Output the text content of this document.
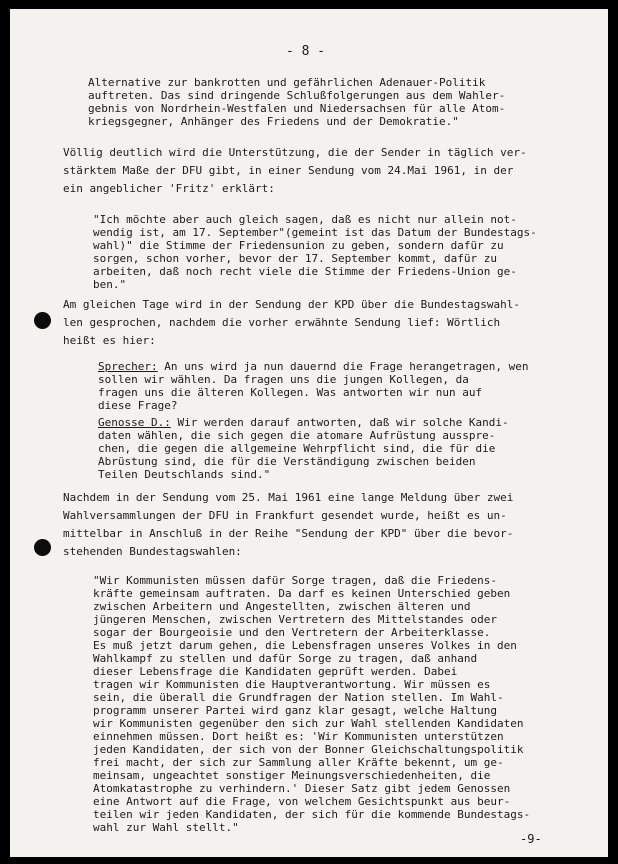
- 8 -
Alternative zur bankrotten und gefährlichen Adenauer-Politik
auftreten. Das sind dringende Schlußfolgerungen aus dem Wahler-
gebnis von Nordrhein-Westfalen und Niedersachsen für alle Atom-
kriegsgegner, Anhänger des Friedens und der Demokratie."
Völlig deutlich wird die Unterstützung, die der Sender in täglich ver-
stärktem Maße der DFU gibt, in einer Sendung vom 24.Mai 1961, in der
ein angeblicher 'Fritz' erklärt:
"Ich möchte aber auch gleich sagen, daß es nicht nur allein not-
wendig ist, am 17. September"(gemeint ist das Datum der Bundestags-
wahl)" die Stimme der Friedensunion zu geben, sondern dafür zu
sorgen, schon vorher, bevor der 17. September kommt, dafür zu
arbeiten, daß noch recht viele die Stimme der Friedens-Union ge-
ben."
Am gleichen Tage wird in der Sendung der KPD über die Bundestagswahl-
len gesprochen, nachdem die vorher erwähnte Sendung lief: Wörtlich
heißt es hier:
Sprecher: An uns wird ja nun dauernd die Frage herangetragen, wen
sollen wir wählen. Da fragen uns die jungen Kollegen, da
fragen uns die älteren Kollegen. Was antworten wir nun auf
diese Frage?
Genosse D.: Wir werden darauf antworten, daß wir solche Kandi-
daten wählen, die sich gegen die atomare Aufrüstung ausspre-
chen, die gegen die allgemeine Wehrpflicht sind, die für die
Abrüstung sind, die für die Verständigung zwischen beiden
Teilen Deutschlands sind."
Nachdem in der Sendung vom 25. Mai 1961 eine lange Meldung über zwei
Wahlversammlungen der DFU in Frankfurt gesendet wurde, heißt es un-
mittelbar in Anschluß in der Reihe "Sendung der KPD" über die bevor-
stehenden Bundestagswahlen:
"Wir Kommunisten müssen dafür Sorge tragen, daß die Friedens-
kräfte gemeinsam auftraten. Da darf es keinen Unterschied geben
zwischen Arbeitern und Angestellten, zwischen älteren und
jüngeren Menschen, zwischen Vertretern des Mittelstandes oder
sogar der Bourgeoisie und den Vertretern der Arbeiterklasse.
Es muß jetzt darum gehen, die Lebensfragen unseres Volkes in den
Wahlkampf zu stellen und dafür Sorge zu tragen, daß anhand
dieser Lebensfrage die Kandidaten geprüft werden. Dabei
tragen wir Kommunisten die Hauptverantwortung. Wir müssen es
sein, die überall die Grundfragen der Nation stellen. Im Wahl-
programm unserer Partei wird ganz klar gesagt, welche Haltung
wir Kommunisten gegenüber den sich zur Wahl stellenden Kandidaten
einnehmen müssen. Dort heißt es: 'Wir Kommunisten unterstützen
jeden Kandidaten, der sich von der Bonner Gleichschaltungspolitik
frei macht, der sich zur Sammlung aller Kräfte bekennt, um ge-
meinsam, ungeachtet sonstiger Meinungsverschiedenheiten, die
Atomkatastrophe zu verhindern.' Dieser Satz gibt jedem Genossen
eine Antwort auf die Frage, von welchem Gesichtspunkt aus beur-
teilen wir jeden Kandidaten, der sich für die kommende Bundestags-
wahl zur Wahl stellt."
-9-
